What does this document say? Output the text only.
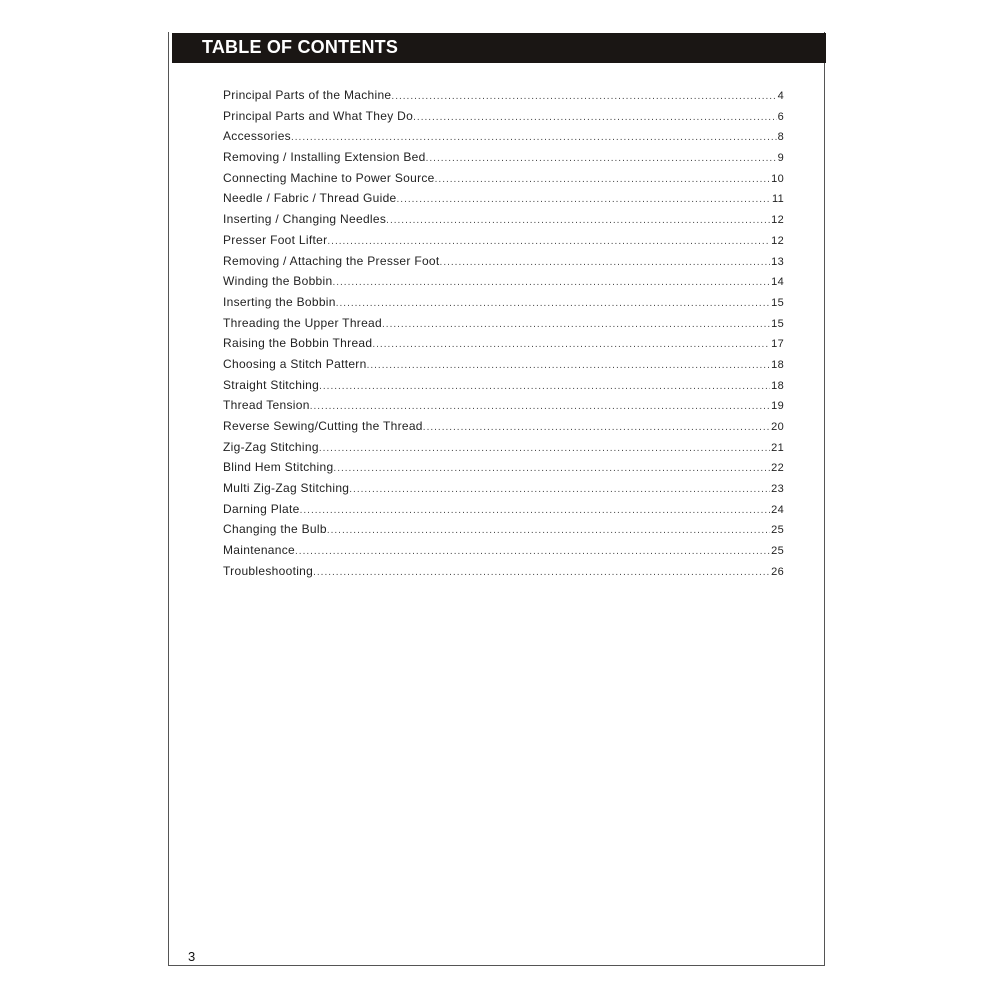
TABLE OF CONTENTS
Principal Parts of the Machine .....	4
Principal Parts and What They Do .....	6
Accessories .....	8
Removing / Installing Extension Bed .....	9
Connecting Machine to Power Source .....	10
Needle / Fabric / Thread Guide .....	11
Inserting / Changing Needles .....	12
Presser Foot Lifter .....	12
Removing / Attaching the Presser Foot .....	13
Winding the Bobbin .....	14
Inserting the Bobbin .....	15
Threading the Upper Thread .....	15
Raising the Bobbin Thread .....	17
Choosing a Stitch Pattern .....	18
Straight Stitching .....	18
Thread Tension .....	19
Reverse Sewing/Cutting the Thread .....	20
Zig-Zag Stitching .....	21
Blind Hem Stitching .....	22
Multi Zig-Zag Stitching .....	23
Darning Plate .....	24
Changing the Bulb .....	25
Maintenance .....	25
Troubleshooting .....	26
3
